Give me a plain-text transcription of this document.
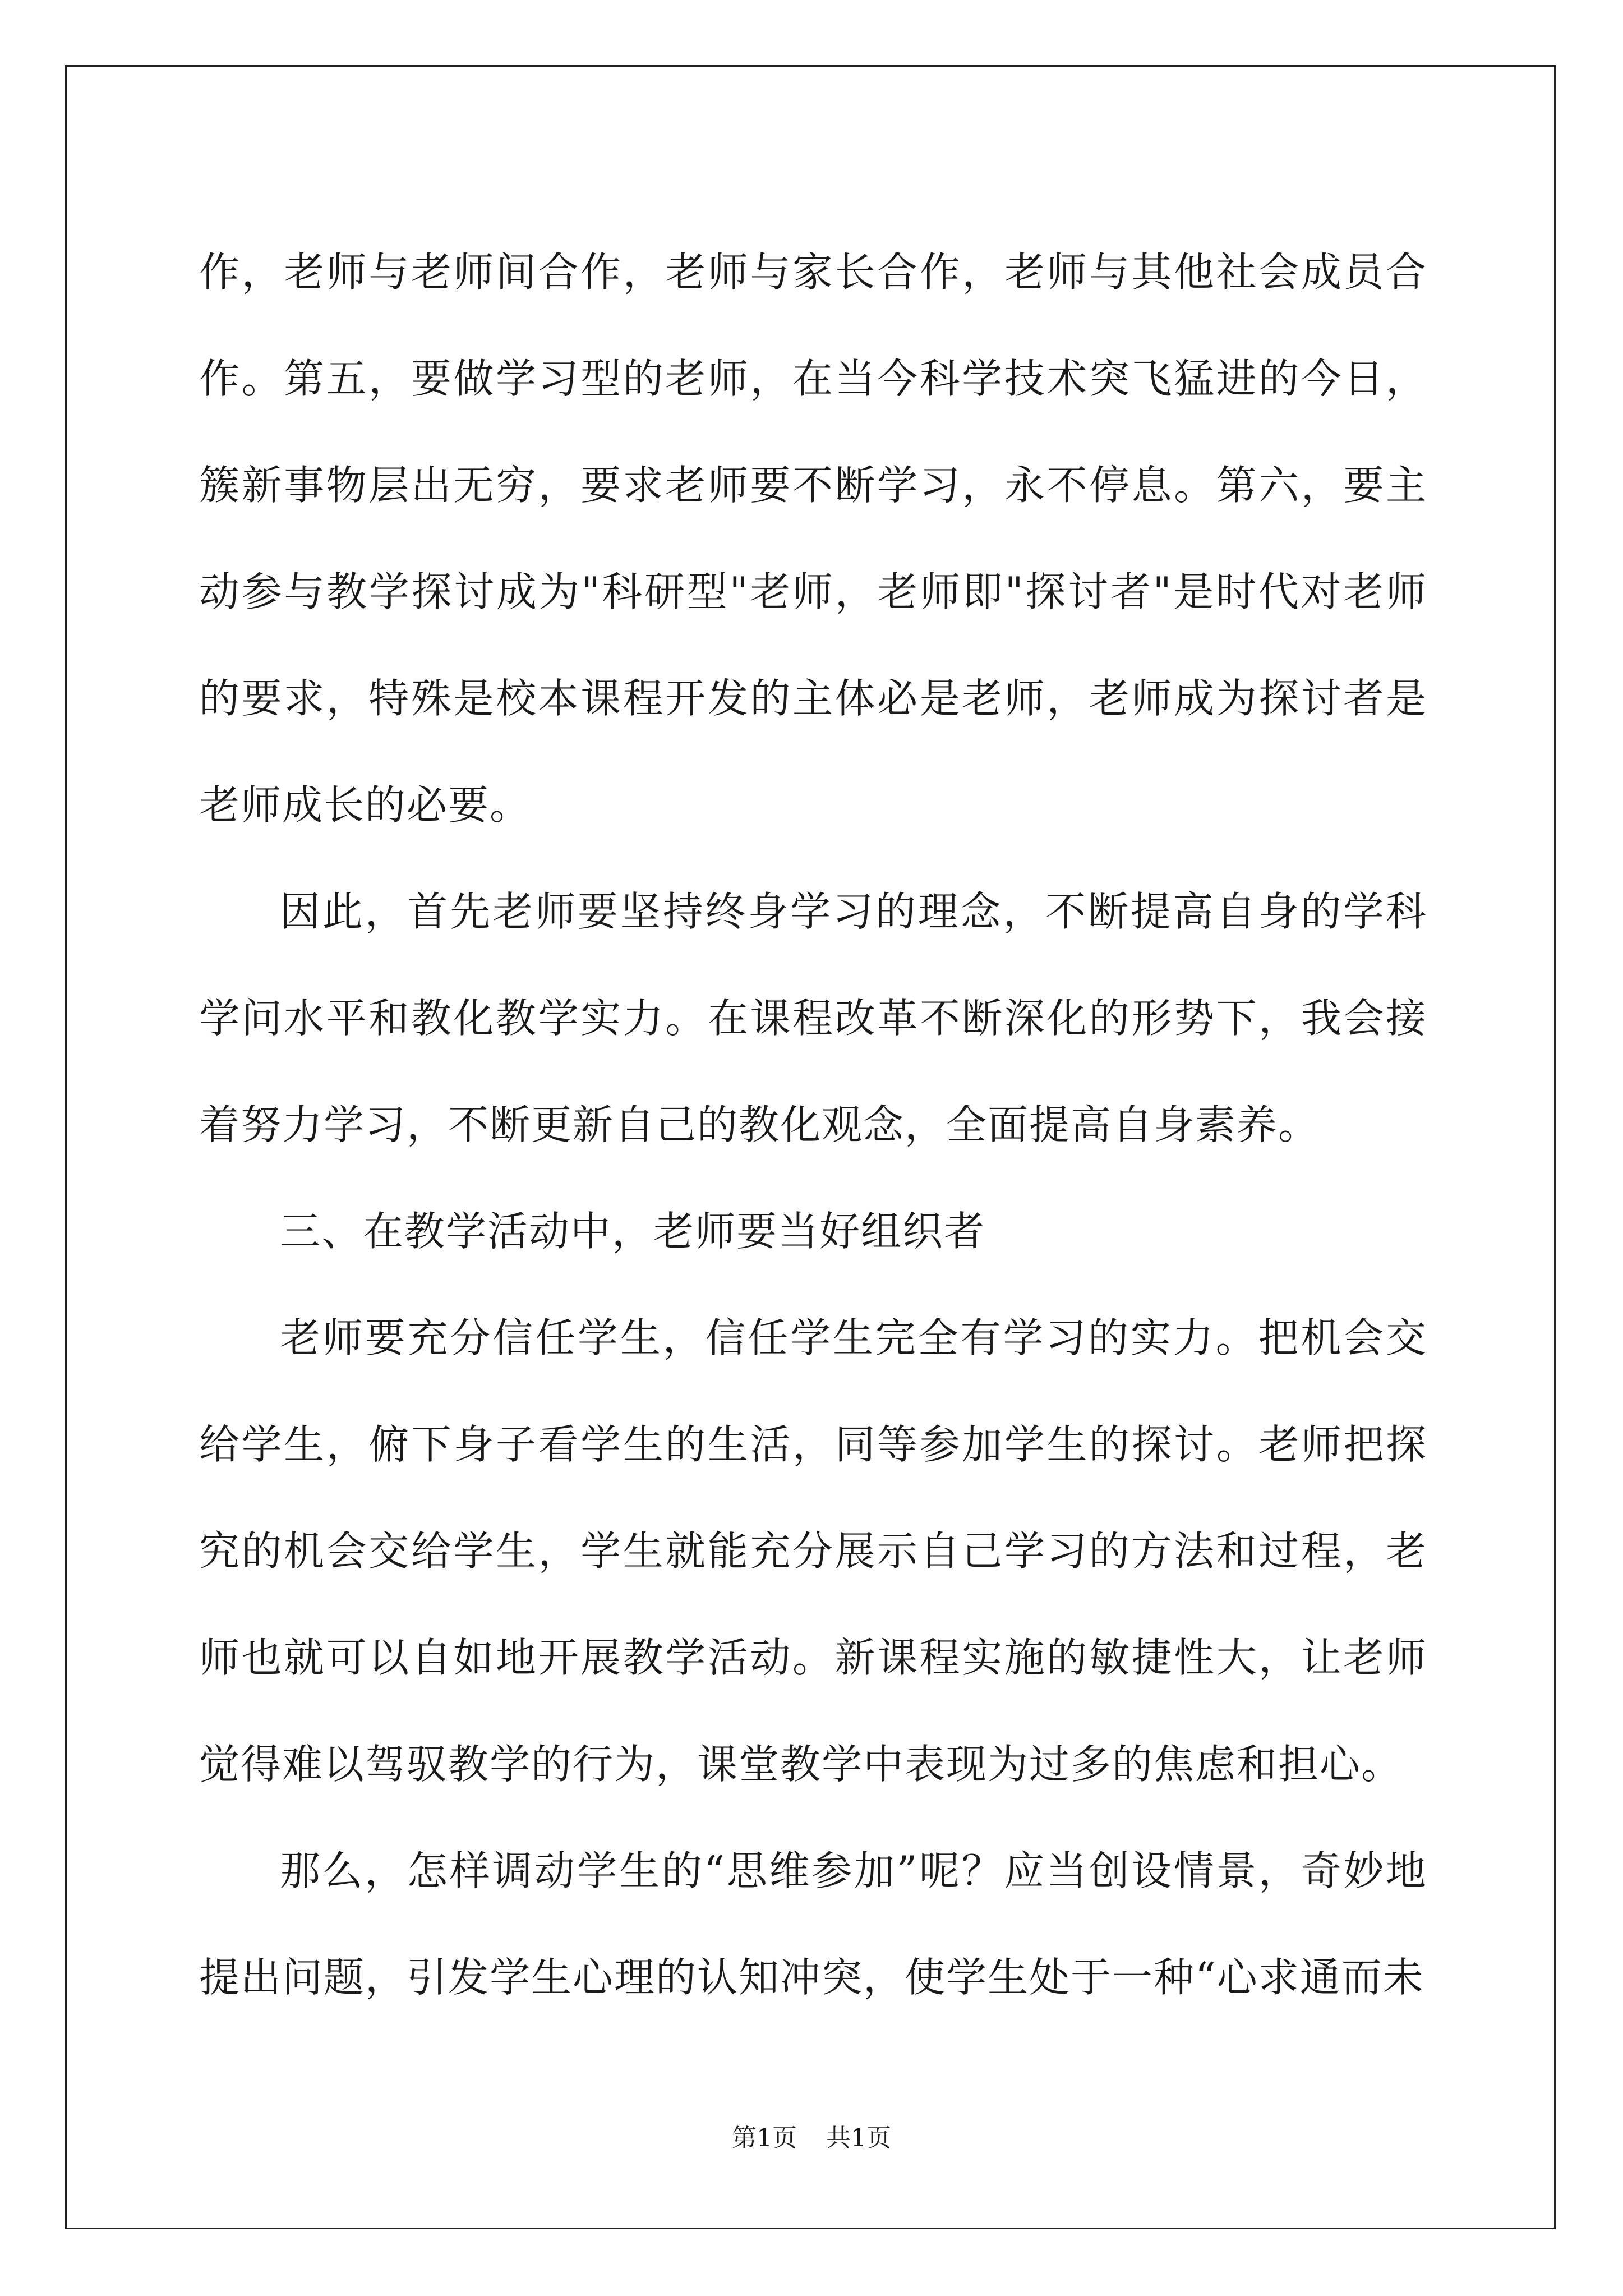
作，老师与老师间合作，老师与家长合作，老师与其他社会成员合作。第五，要做学习型的老师，在当今科学技术突飞猛进的今日，簇新事物层出无穷，要求老师要不断学习，永不停息。第六，要主动参与教学探讨成为"科研型"老师，老师即"探讨者"是时代对老师的要求，特殊是校本课程开发的主体必是老师，老师成为探讨者是老师成长的必要。

因此，首先老师要坚持终身学习的理念，不断提高自身的学科学问水平和教化教学实力。在课程改革不断深化的形势下，我会接着努力学习，不断更新自己的教化观念，全面提高自身素养。

三、在教学活动中，老师要当好组织者

老师要充分信任学生，信任学生完全有学习的实力。把机会交给学生，俯下身子看学生的生活，同等参加学生的探讨。老师把探究的机会交给学生，学生就能充分展示自己学习的方法和过程，老师也就可以自如地开展教学活动。新课程实施的敏捷性大，让老师觉得难以驾驭教学的行为，课堂教学中表现为过多的焦虑和担心。

那么，怎样调动学生的“思维参加”呢？应当创设情景，奇妙地提出问题，引发学生心理的认知冲突，使学生处于一种“心求通而未

第1页 共1页
